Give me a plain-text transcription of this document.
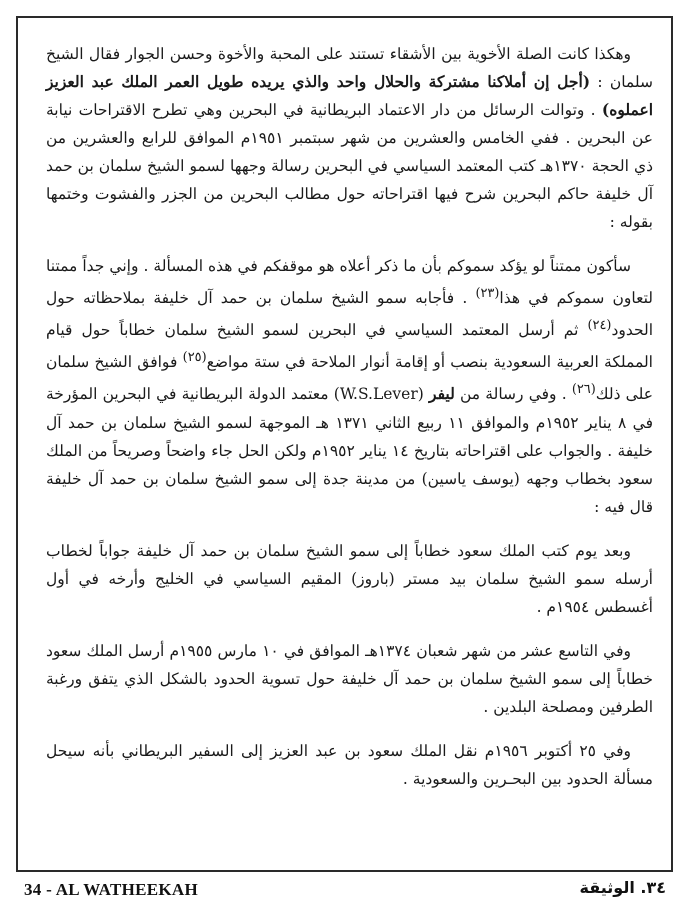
وهكذا كانت الصلة الأخوية بين الأشقاء تستند على المحبة والأخوة وحسن الجوار فقال الشيخ سلمان : (أجل إن أملاكنا مشتركة والحلال واحد والذي يريده طويل العمر الملك عبد العزيز اعملوه) . وتوالت الرسائل من دار الاعتماد البريطانية في البحرين وهي تطرح الاقتراحات نيابة عن البحرين . ففي الخامس والعشرين من شهر سبتمبر ١٩٥١م الموافق للرابع والعشرين من ذي الحجة ١٣٧٠هـ كتب المعتمد السياسي في البحرين رسالة وجهها لسمو الشيخ سلمان بن حمد آل خليفة حاكم البحرين شرح فيها اقتراحاته حول مطالب البحرين من الجزر والفشوت وختمها بقوله :

سأكون ممتناً لو يؤكد سموكم بأن ما ذكر أعلاه هو موقفكم في هذه المسألة . وإني جداً ممتنا لتعاون سموكم في هذا$^{(٢٣)}$ . فأجابه سمو الشيخ سلمان بن حمد آل خليفة بملاحظاته حول الحدود$^{(٢٤)}$ ثم أرسل المعتمد السياسي في البحرين لسمو الشيخ سلمان خطاباً حول قيام المملكة العربية السعودية بنصب أو إقامة أنوار الملاحة في ستة مواضع$^{(٢٥)}$ فوافق الشيخ سلمان على ذلك$^{(٢٦)}$ . وفي رسالة من ليفر (W.S.Lever) معتمد الدولة البريطانية في البحرين المؤرخة في ٨ يناير ١٩٥٢م والموافق ١١ ربيع الثاني ١٣٧١ هـ الموجهة لسمو الشيخ سلمان بن حمد آل خليفة . والجواب على اقتراحاته بتاريخ ١٤ يناير ١٩٥٢م ولكن الحل جاء واضحاً وصريحاً من الملك سعود بخطاب وجهه (يوسف ياسين) من مدينة جدة إلى سمو الشيخ سلمان بن حمد آل خليفة قال فيه :

وبعد يوم كتب الملك سعود خطاباً إلى سمو الشيخ سلمان بن حمد آل خليفة جواباً لخطاب أرسله سمو الشيخ سلمان بيد مستر (باروز) المقيم السياسي في الخليج وأرخه في أول أغسطس ١٩٥٤م .

وفي التاسع عشر من شهر شعبان ١٣٧٤هـ الموافق في ١٠ مارس ١٩٥٥م أرسل الملك سعود خطاباً إلى سمو الشيخ سلمان بن حمد آل خليفة حول تسوية الحدود بالشكل الذي يتفق ورغبة الطرفين ومصلحة البلدين .

وفي ٢٥ أكتوبر ١٩٥٦م نقل الملك سعود بن عبد العزيز إلى السفير البريطاني بأنه سيحل مسألة الحدود بين البحـرين والسعودية .

34 - AL WATHEEKAH	٣٤. الوثيقة
